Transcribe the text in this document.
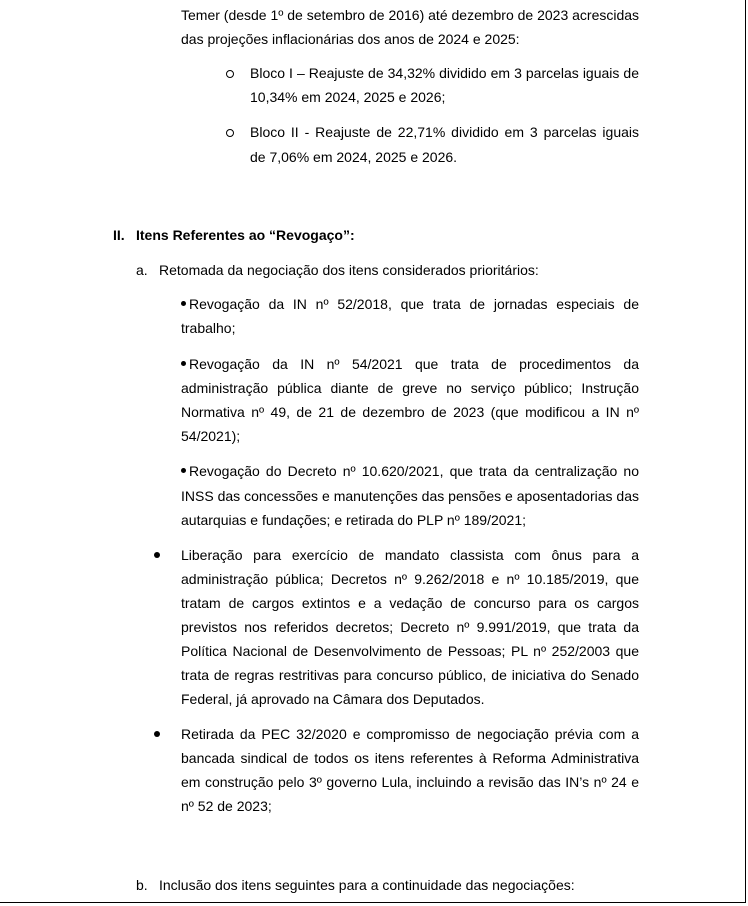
Temer (desde 1º de setembro de 2016) até dezembro de 2023 acrescidas
das projeções inflacionárias dos anos de 2024 e 2025:
Bloco I – Reajuste de 34,32% dividido em 3 parcelas iguais de
10,34% em 2024, 2025 e 2026;
Bloco II - Reajuste de 22,71% dividido em 3 parcelas iguais
de 7,06% em 2024, 2025 e 2026.
II. Itens Referentes ao “Revogaço”:
a. Retomada da negociação dos itens considerados prioritários:
Revogação da IN nº 52/2018, que trata de jornadas especiais de
trabalho;
Revogação da IN nº 54/2021 que trata de procedimentos da
administração pública diante de greve no serviço público; Instrução
Normativa nº 49, de 21 de dezembro de 2023 (que modificou a IN nº
54/2021);
Revogação do Decreto nº 10.620/2021, que trata da centralização no
INSS das concessões e manutenções das pensões e aposentadorias das
autarquias e fundações; e retirada do PLP nº 189/2021;
Liberação para exercício de mandato classista com ônus para a
administração pública; Decretos nº 9.262/2018 e nº 10.185/2019, que
tratam de cargos extintos e a vedação de concurso para os cargos
previstos nos referidos decretos; Decreto nº 9.991/2019, que trata da
Política Nacional de Desenvolvimento de Pessoas; PL nº 252/2003 que
trata de regras restritivas para concurso público, de iniciativa do Senado
Federal, já aprovado na Câmara dos Deputados.
Retirada da PEC 32/2020 e compromisso de negociação prévia com a
bancada sindical de todos os itens referentes à Reforma Administrativa
em construção pelo 3º governo Lula, incluindo a revisão das IN’s nº 24 e
nº 52 de 2023;
b. Inclusão dos itens seguintes para a continuidade das negociações:
